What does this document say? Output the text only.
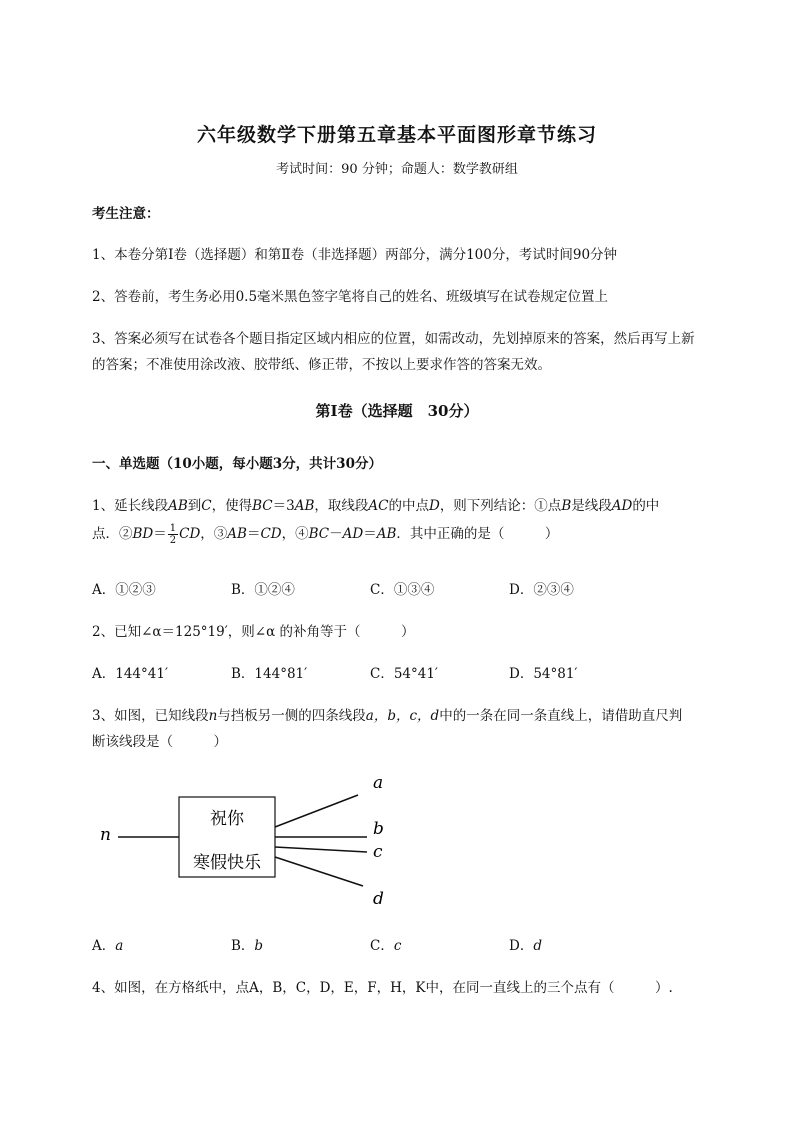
六年级数学下册第五章基本平面图形章节练习
考试时间：90 分钟；命题人：数学教研组
考生注意：
1、本卷分第Ⅰ卷（选择题）和第Ⅱ卷（非选择题）两部分，满分100分，考试时间90分钟
2、答卷前，考生务必用0.5毫米黑色签字笔将自己的姓名、班级填写在试卷规定位置上
3、答案必须写在试卷各个题目指定区域内相应的位置，如需改动，先划掉原来的答案，然后再写上新
的答案；不准使用涂改液、胶带纸、修正带，不按以上要求作答的答案无效。
第Ⅰ卷（选择题　30分）
一、单选题（10小题，每小题3分，共计30分）
1、延长线段AB到C，使得BC＝3AB，取线段AC的中点D，则下列结论：①点B是线段AD的中
点．②BD＝ $\frac{1}{2}$ CD，③AB＝CD，④BC－AD＝AB．其中正确的是（　　　）
A．①②③	B．①②④	C．①③④	D．②③④
2、已知∠α＝125°19′，则∠α 的补角等于（　　　）
A．144°41′	B．144°81′	C．54°41′	D．54°81′
3、如图，已知线段n与挡板另一侧的四条线段a，b，c，d中的一条在同一条直线上，请借助直尺判
断该线段是（　　　）
祝你
寒假快乐
n
a
b
c
d
A．a	B．b	C．c	D．d
4、如图，在方格纸中，点A，B，C，D，E，F，H，K中，在同一直线上的三个点有（　　　）.
